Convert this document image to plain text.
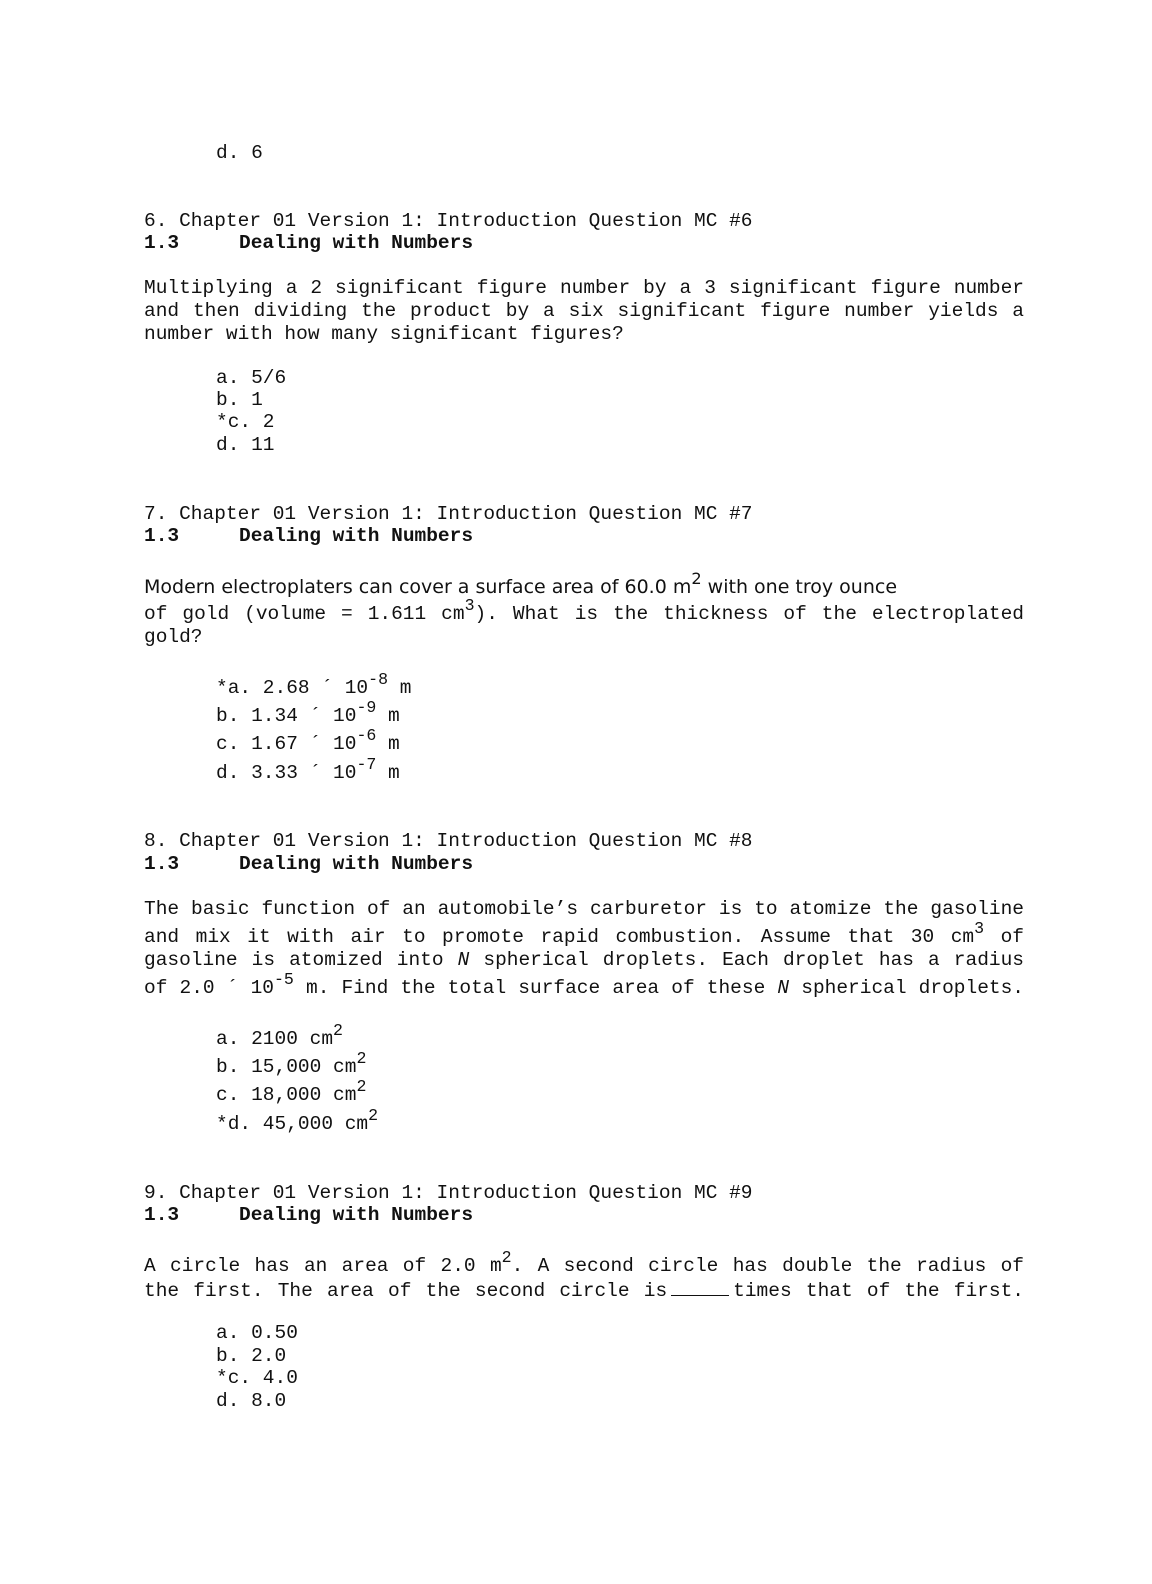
d. 6
6. Chapter 01 Version 1: Introduction Question MC #6
1.3	Dealing with Numbers
Multiplying a 2 significant figure number by a 3 significant figure number
and then dividing the product by a six significant figure number yields a
number with how many significant figures?
a. 5/6
b. 1
*c. 2
d. 11
7. Chapter 01 Version 1: Introduction Question MC #7
1.3	Dealing with Numbers
Modern electroplaters can cover a surface area of 60.0 $m^2$ with one troy ounce
of gold (volume = 1.611 $cm^3$). What is the thickness of the electroplated
gold?
*a. 2.68 ´ $10^{-8}$ m
b. 1.34 ´ $10^{-9}$ m
c. 1.67 ´ $10^{-6}$ m
d. 3.33 ´ $10^{-7}$ m
8. Chapter 01 Version 1: Introduction Question MC #8
1.3	Dealing with Numbers
The basic function of an automobile’s carburetor is to atomize the gasoline
and mix it with air to promote rapid combustion. Assume that 30 $cm^3$ of
gasoline is atomized into N spherical droplets. Each droplet has a radius
of 2.0 ´ $10^{-5}$ m. Find the total surface area of these N spherical droplets.
a. 2100 $cm^2$
b. 15,000 $cm^2$
c. 18,000 $cm^2$
*d. 45,000 $cm^2$
9. Chapter 01 Version 1: Introduction Question MC #9
1.3	Dealing with Numbers
A circle has an area of 2.0 $m^2$. A second circle has double the radius of
the first. The area of the second circle is	times that of the first.
a. 0.50
b. 2.0
*c. 4.0
d. 8.0
